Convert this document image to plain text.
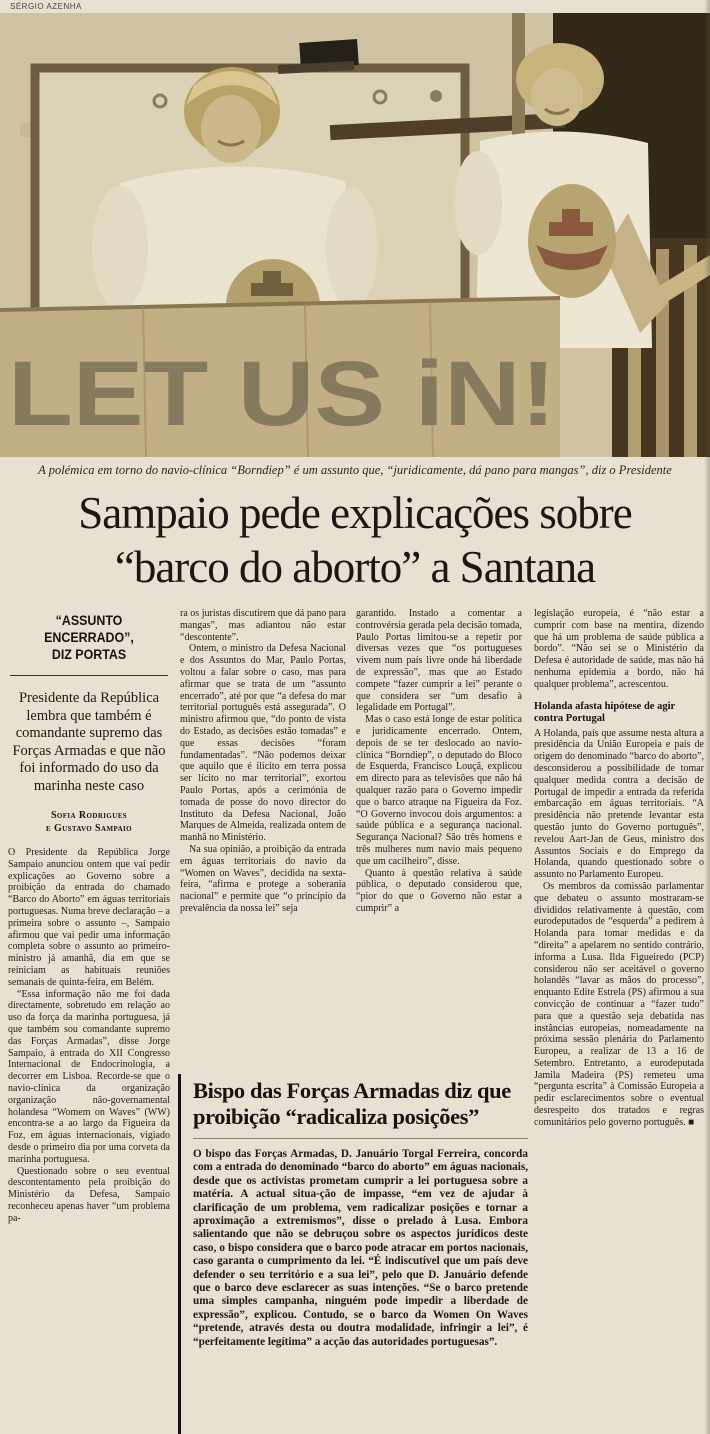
SÉRGIO AZENHA
LET US iN!
A polémica em torno do navio-clínica “Borndiep” é um assunto que, “juridicamente, dá pano para mangas”, diz o Presidente
Sampaio pede explicações sobre
“barco do aborto” a Santana
“ASSUNTO ENCERRADO”,
DIZ PORTAS

Presidente da República lembra que também é comandante supremo das Forças Armadas e que não foi informado do uso da marinha neste caso

Sofia Rodrigues
e Gustavo Sampaio

O Presidente da República Jorge Sampaio anunciou ontem que vai pedir explicações ao Governo sobre a proibição da entrada do chamado “Barco do Aborto” em águas territoriais portuguesas. Numa breve declaração – a primeira sobre o assunto –, Sampaio afirmou que vai pedir uma informação completa sobre o assunto ao primeiro-ministro já amanhã, dia em que se reiniciam as habituais reuniões semanais de quinta-feira, em Belém.

“Essa informação não me foi dada directamente, sobretudo em relação ao uso da força da marinha portuguesa, já que também sou comandante supremo das Forças Armadas”, disse Jorge Sampaio, à entrada do XII Congresso Internacional de Endocrinologia, a decorrer em Lisboa. Recorde-se que o navio-clínica da organização organização não-governamental holandesa “Womem on Waves” (WW) encontra-se a ao largo da Figueira da Foz, em águas internacionais, vigiado desde o primeiro dia por uma corveta da marinha portuguesa.

Questionado sobre o seu eventual descontentamento pela proibição do Ministério da Defesa, Sampaio reconheceu apenas haver “um problema pa-

ra os juristas discutirem que dá pano para mangas”, mas adiantou não estar “descontente”.

Ontem, o ministro da Defesa Nacional e dos Assuntos do Mar, Paulo Portas, voltou a falar sobre o caso, mas para afirmar que se trata de um “assunto encerrado”, até por que “a defesa do mar territorial português está assegurada”. O ministro afirmou que, “do ponto de vista do Estado, as decisões estão tomadas” e que essas decisões “foram fundamentadas”. “Não podemos deixar que aquilo que é ilícito em terra possa ser lícito no mar territorial”, exortou Paulo Portas, após a cerimónia de tomada de posse do novo director do Instituto da Defesa Nacional, João Marques de Almeida, realizada ontem de manhã no Ministério.

Na sua opinião, a proibição da entrada em águas territoriais do navio da “Women on Waves”, decidida na sexta-feira, “afirma e protege a soberania nacional” e permite que “o princípio da prevalência da nossa lei” seja

garantido. Instado a comentar a controvérsia gerada pela decisão tomada, Paulo Portas limitou-se a repetir por diversas vezes que “os portugueses vivem num país livre onde há liberdade de expressão”, mas que ao Estado compete “fazer cumprir a lei” perante o que considera ser “um desafio à legalidade em Portugal”.

Mas o caso está longe de estar política e juridicamente encerrado. Ontem, depois de se ter deslocado ao navio-clínica “Borndiep”, o deputado do Bloco de Esquerda, Francisco Louçã, explicou em directo para as televisões que não há qualquer razão para o Governo impedir que o barco atraque na Figueira da Foz. “O Governo invocou dois argumentos: a saúde pública e a segurança nacional. Segurança Nacional? São três homens e três mulheres num navio mais pequeno que um cacilheiro”, disse.

Quanto à questão relativa à saúde pública, o deputado considerou que, “pior do que o Governo não estar a cumprir” a

legislação europeia, é “não estar a cumprir com base na mentira, dizendo que há um problema de saúde pública a bordo”. “Não sei se o Ministério da Defesa é autoridade de saúde, mas não há nenhuma epidemia a bordo, não há qualquer problema”, acrescentou.

Holanda afasta hipótese de agir contra Portugal

A Holanda, país que assume nesta altura a presidência da União Europeia e país de origem do denominado “barco do aborto”, desconsiderou a possibilidade de tomar qualquer medida contra a decisão de Portugal de impedir a entrada da referida embarcação em águas territoriais. “A presidência não pretende levantar esta questão junto do Governo português”, revelou Aart-Jan de Geus, ministro dos Assuntos Sociais e do Emprego da Holanda, quando questionado sobre o assunto no Parlamento Europeu.

Os membros da comissão parlamentar que debateu o assunto mostraram-se divididos relativamente à questão, com eurodeputados de “esquerda” a pedirem à Holanda para tomar medidas e da “direita” a apelarem no sentido contrário, informa a Lusa. Ilda Figueiredo (PCP) considerou não ser aceitável o governo holandês “lavar as mãos do processo”, enquanto Edite Estrela (PS) afirmou a sua convicção de continuar a “fazer tudo” para que a questão seja debatida nas instâncias europeias, nomeadamente na próxima sessão plenária do Parlamento Europeu, a realizar de 13 a 16 de Setembro. Entretanto, a eurodeputada Jamila Madeira (PS) remeteu uma “pergunta escrita” à Comissão Europeia a pedir esclarecimentos sobre o eventual desrespeito dos tratados e regras comunitários pelo governo português. ■

Bispo das Forças Armadas diz que
proibição “radicaliza posições”

O bispo das Forças Armadas, D. Januário Torgal Ferreira, concorda com a entrada do denominado “barco do aborto” em águas nacionais, desde que os activistas prometam cumprir a lei portuguesa sobre a matéria. A actual situa-ção de impasse, “em vez de ajudar à clarificação de um problema, vem radicalizar posições e tornar a aproximação a extremismos”, disse o prelado à Lusa. Embora salientando que não se debruçou sobre os aspectos jurídicos deste caso, o bispo considera que o barco pode atracar em portos nacionais, caso garanta o cumprimento da lei. “É indiscutível que um país deve defender o seu território e a sua lei”, pelo que D. Januário defende que o barco deve esclarecer as suas intenções. “Se o barco pretende uma simples campanha, ninguém pode impedir a liberdade de expressão”, explicou. Contudo, se o barco da Women On Waves “pretende, através desta ou doutra modalidade, infringir a lei”, é “perfeitamente legítima” a acção das autoridades portuguesas”.
